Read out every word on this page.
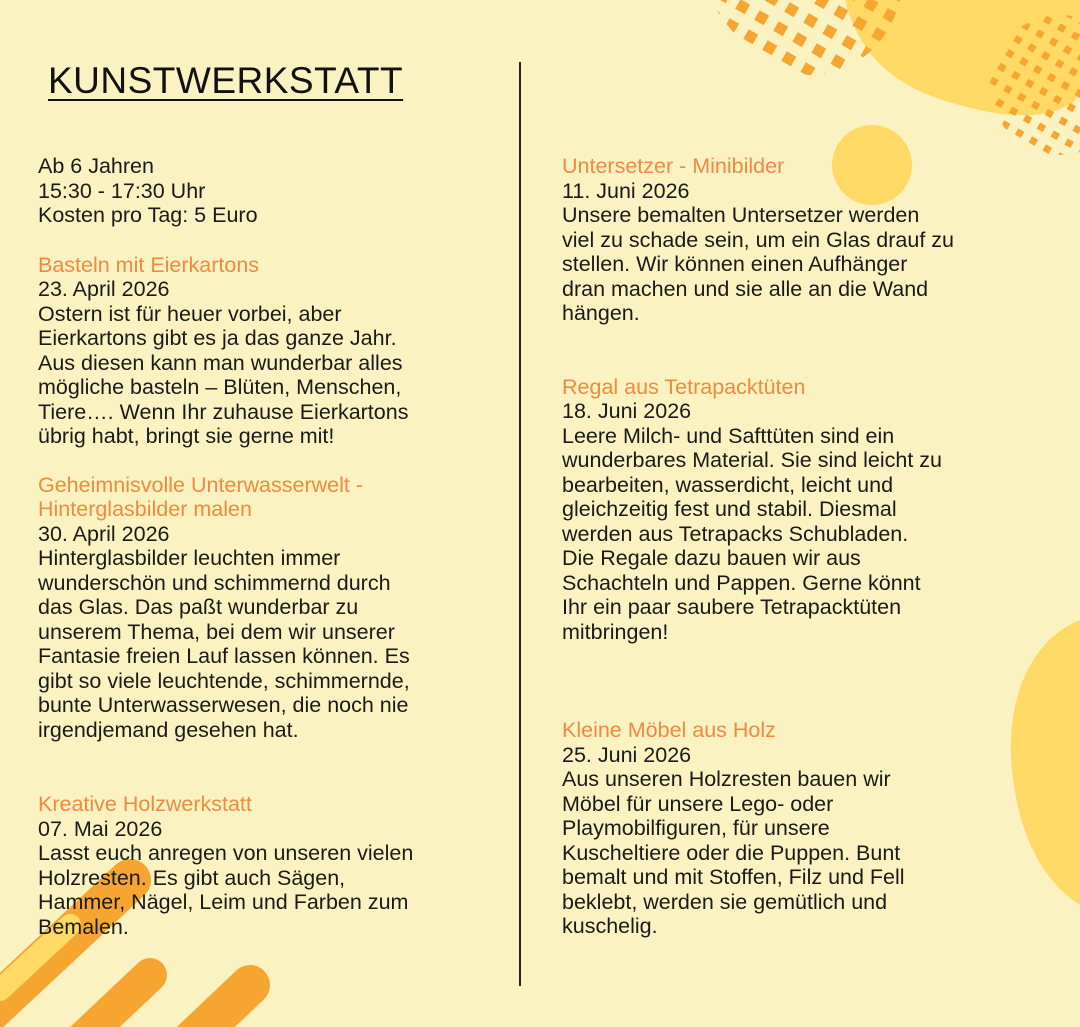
KUNSTWERKSTATT
Ab 6 Jahren
15:30 - 17:30 Uhr
Kosten pro Tag: 5 Euro
Basteln mit Eierkartons
23. April 2026
Ostern ist für heuer vorbei, aber
Eierkartons gibt es ja das ganze Jahr.
Aus diesen kann man wunderbar alles
mögliche basteln – Blüten, Menschen,
Tiere…. Wenn Ihr zuhause Eierkartons
übrig habt, bringt sie gerne mit!
Geheimnisvolle Unterwasserwelt -
Hinterglasbilder malen
30. April 2026
Hinterglasbilder leuchten immer
wunderschön und schimmernd durch
das Glas. Das paßt wunderbar zu
unserem Thema, bei dem wir unserer
Fantasie freien Lauf lassen können. Es
gibt so viele leuchtende, schimmernde,
bunte Unterwasserwesen, die noch nie
irgendjemand gesehen hat.
Kreative Holzwerkstatt
07. Mai 2026
Lasst euch anregen von unseren vielen
Holzresten. Es gibt auch Sägen,
Hammer, Nägel, Leim und Farben zum
Bemalen.
Untersetzer - Minibilder
11. Juni 2026
Unsere bemalten Untersetzer werden
viel zu schade sein, um ein Glas drauf zu
stellen. Wir können einen Aufhänger
dran machen und sie alle an die Wand
hängen.
Regal aus Tetrapacktüten
18. Juni 2026
Leere Milch- und Safttüten sind ein
wunderbares Material. Sie sind leicht zu
bearbeiten, wasserdicht, leicht und
gleichzeitig fest und stabil. Diesmal
werden aus Tetrapacks Schubladen.
Die Regale dazu bauen wir aus
Schachteln und Pappen. Gerne könnt
Ihr ein paar saubere Tetrapacktüten
mitbringen!
Kleine Möbel aus Holz
25. Juni 2026
Aus unseren Holzresten bauen wir
Möbel für unsere Lego- oder
Playmobilfiguren, für unsere
Kuscheltiere oder die Puppen. Bunt
bemalt und mit Stoffen, Filz und Fell
beklebt, werden sie gemütlich und
kuschelig.
